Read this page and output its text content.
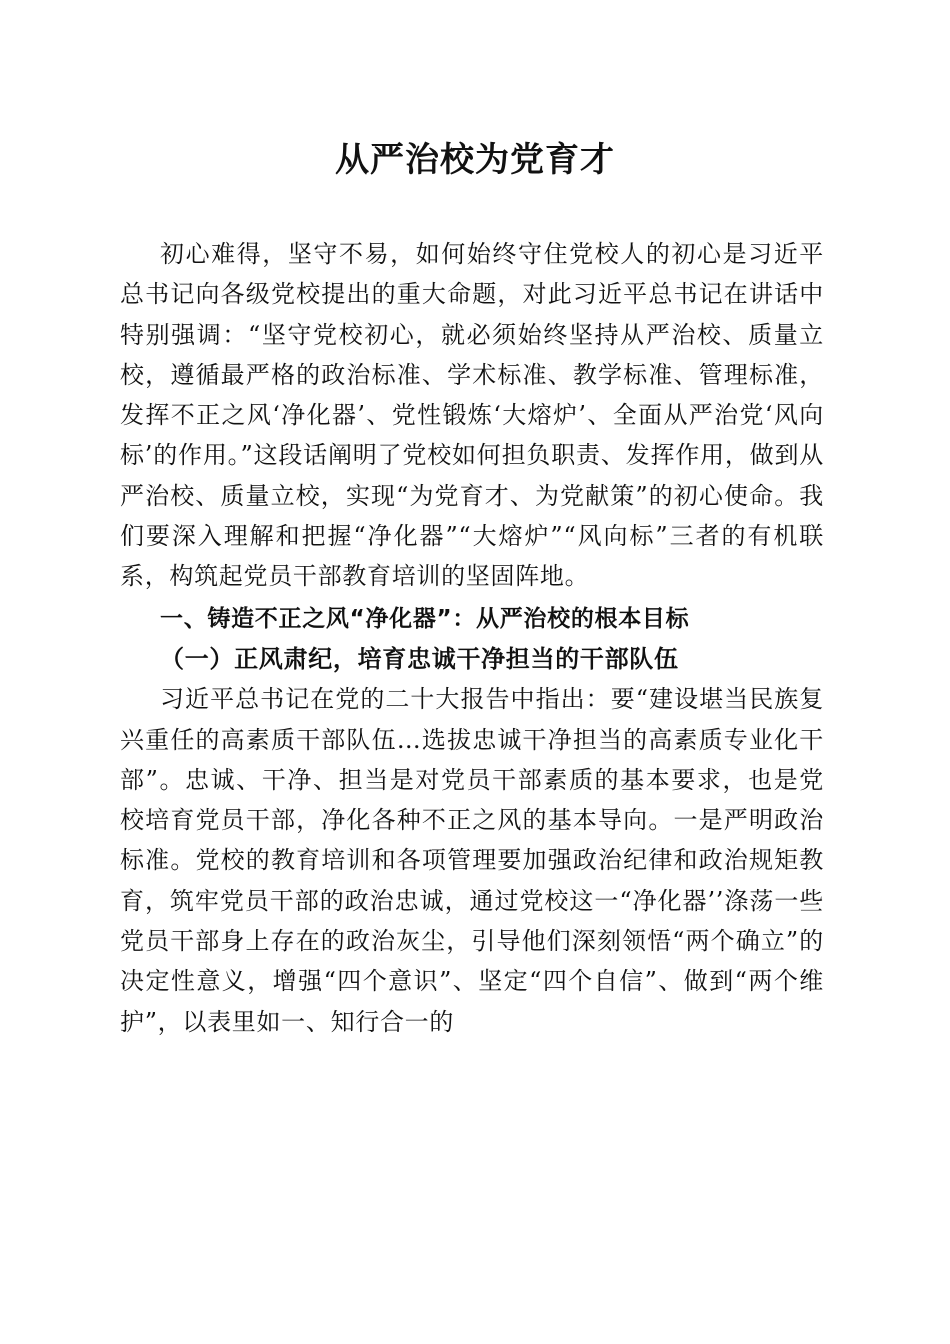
从严治校为党育才

初心难得，坚守不易，如何始终守住党校人的初心是习近平总书记向各级党校提出的重大命题，对此习近平总书记在讲话中特别强调：“坚守党校初心，就必须始终坚持从严治校、质量立校，遵循最严格的政治标准、学术标准、教学标准、管理标准，发挥不正之风‘净化器’、党性锻炼‘大熔炉’、全面从严治党‘风向标’的作用。”这段话阐明了党校如何担负职责、发挥作用，做到从严治校、质量立校，实现“为党育才、为党献策”的初心使命。我们要深入理解和把握“净化器”“大熔炉”“风向标”三者的有机联系，构筑起党员干部教育培训的坚固阵地。

一、铸造不正之风“净化器”：从严治校的根本目标

（一）正风肃纪，培育忠诚干净担当的干部队伍

习近平总书记在党的二十大报告中指出：要“建设堪当民族复兴重任的高素质干部队伍…选拔忠诚干净担当的高素质专业化干部”。忠诚、干净、担当是对党员干部素质的基本要求，也是党校培育党员干部，净化各种不正之风的基本导向。一是严明政治标准。党校的教育培训和各项管理要加强政治纪律和政治规矩教育，筑牢党员干部的政治忠诚，通过党校这一“净化器’’涤荡一些党员干部身上存在的政治灰尘，引导他们深刻领悟“两个确立”的决定性意义，增强“四个意识”、坚定“四个自信”、做到“两个维护”，以表里如一、知行合一的
